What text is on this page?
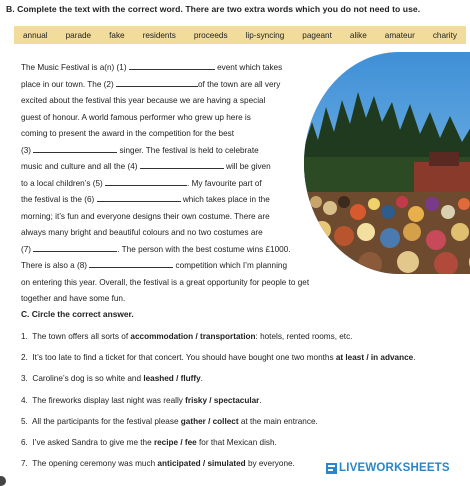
B. Complete the text with the correct word. There are two extra words which you do not need to use.
annual parade fake residents proceeds lip-syncing pageant alike amateur charity
The Music Festival is a(n) (1)	event which takes
place in our town. The (2)	of the town are all very
excited about the festival this year because we are having a special
guest of honour. A world famous performer who grew up here is
coming to present the award in the competition for the best
(3)	singer. The festival is held to celebrate
music and culture and all the (4)	will be given
to a local children’s (5)	. My favourite part of
the festival is the (6)	which takes place in the
morning; it’s fun and everyone designs their own costume. There are
always many bright and beautiful colours and no two costumes are
(7)	. The person with the best costume wins £1000.
There is also a (8)	competition which I’m planning
on entering this year. Overall, the festival is a great opportunity for people to get
together and have some fun.
C. Circle the correct answer.
1. The town offers all sorts of accommodation / transportation: hotels, rented rooms, etc.
2. It’s too late to find a ticket for that concert. You should have bought one two months at least / in advance.
3. Caroline’s dog is so white and leashed / fluffy.
4. The fireworks display last night was really frisky / spectacular.
5. All the participants for the festival please gather / collect at the main entrance.
6. I’ve asked Sandra to give me the recipe / fee for that Mexican dish.
7. The opening ceremony was much anticipated / simulated by everyone.	LIVEWORKSHEETS
